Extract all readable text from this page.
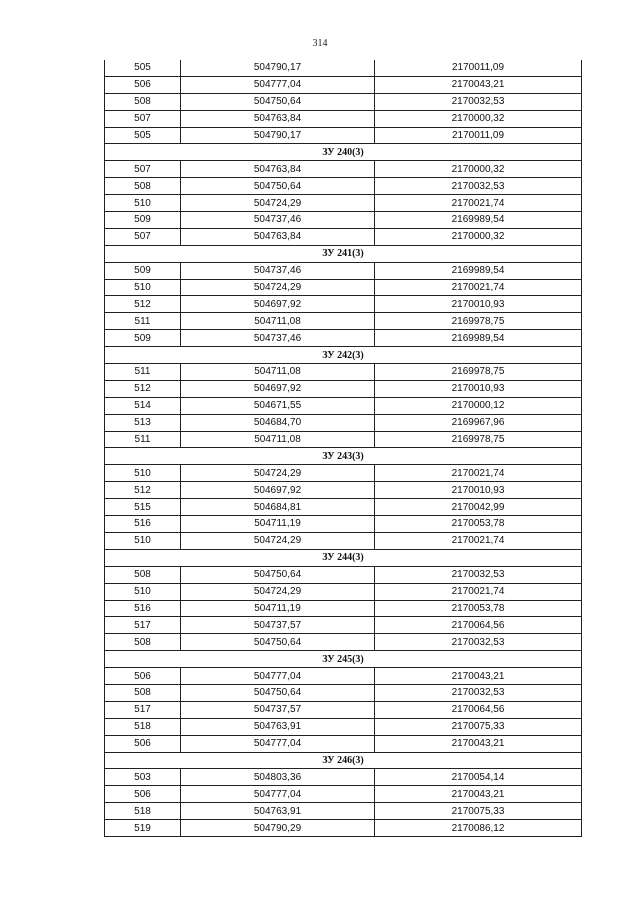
314
505	504790,17	2170011,09
506	504777,04	2170043,21
508	504750,64	2170032,53
507	504763,84	2170000,32
505	504790,17	2170011,09
ЗУ 240(3)		
507	504763,84	2170000,32
508	504750,64	2170032,53
510	504724,29	2170021,74
509	504737,46	2169989,54
507	504763,84	2170000,32
ЗУ 241(3)		
509	504737,46	2169989,54
510	504724,29	2170021,74
512	504697,92	2170010,93
511	504711,08	2169978,75
509	504737,46	2169989,54
ЗУ 242(3)		
511	504711,08	2169978,75
512	504697,92	2170010,93
514	504671,55	2170000,12
513	504684,70	2169967,96
511	504711,08	2169978,75
ЗУ 243(3)		
510	504724,29	2170021,74
512	504697,92	2170010,93
515	504684,81	2170042,99
516	504711,19	2170053,78
510	504724,29	2170021,74
ЗУ 244(3)		
508	504750,64	2170032,53
510	504724,29	2170021,74
516	504711,19	2170053,78
517	504737,57	2170064,56
508	504750,64	2170032,53
ЗУ 245(3)		
506	504777,04	2170043,21
508	504750,64	2170032,53
517	504737,57	2170064,56
518	504763,91	2170075,33
506	504777,04	2170043,21
ЗУ 246(3)		
503	504803,36	2170054,14
506	504777,04	2170043,21
518	504763,91	2170075,33
519	504790,29	2170086,12
